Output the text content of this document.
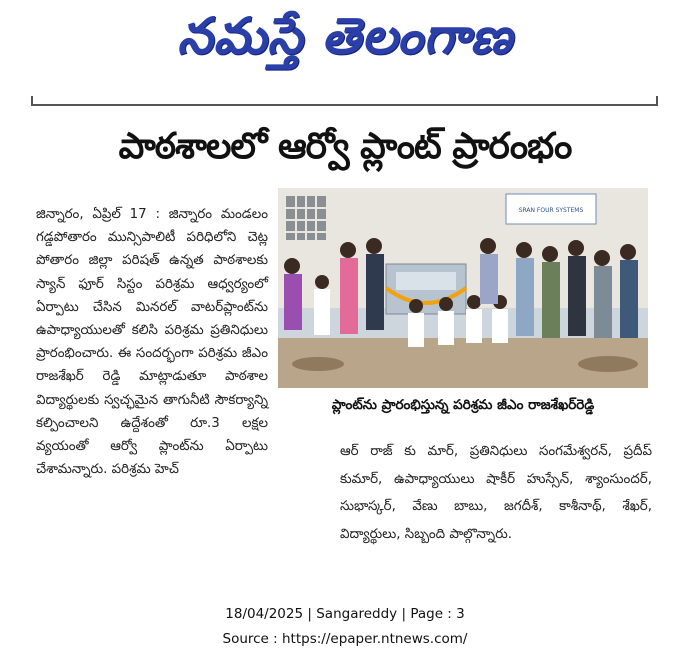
నమస్తే తెలంగాణ
పాఠశాలలో ఆర్వో ప్లాంట్ ప్రారంభం
జిన్నారం, ఏప్రిల్ 17 : జిన్నారం మండలం గడ్డపోతారం మున్సిపాలిటీ పరిధిలోని చెట్ల పోతారం జిల్లా పరిషత్ ఉన్నత పాఠశాలకు స్యాన్ ఫూర్ సిస్టం పరిశ్రమ ఆధ్వర్యంలో ఏర్పాటు చేసిన మినరల్ వాటర్‌ప్లాంట్‌ను ఉపాధ్యాయులతో కలిసి పరిశ్రమ ప్రతినిధులు ప్రారంభించారు. ఈ సందర్భంగా పరిశ్రమ జీఎం రాజశేఖర్ రెడ్డి మాట్లాడుతూ పాఠశాల విద్యార్థులకు స్వచ్ఛమైన తాగునీటి సౌకర్యాన్ని కల్పించాలని ఉద్దేశంతో రూ.3 లక్షల వ్యయంతో ఆర్వో ప్లాంట్‌ను ఏర్పాటు చేశామన్నారు. పరిశ్రమ హెచ్
SRAN FOUR SYSTEMS
ప్లాంట్‌ను ప్రారంభిస్తున్న పరిశ్రమ జీఎం రాజశేఖర్‌రెడ్డి
ఆర్ రాజ్ కు మార్, ప్రతినిధులు సంగమేశ్వరన్, ప్రదీప్ కుమార్, ఉపాధ్యాయులు షాకీర్ హుస్సేన్, శ్యాంసుందర్, సుభాస్కర్, వేణు బాబు, జగదీశ్, కాశీనాథ్, శేఖర్, విద్యార్థులు, సిబ్బంది పాల్గొన్నారు.
18/04/2025 | Sangareddy | Page : 3
Source : https://epaper.ntnews.com/
